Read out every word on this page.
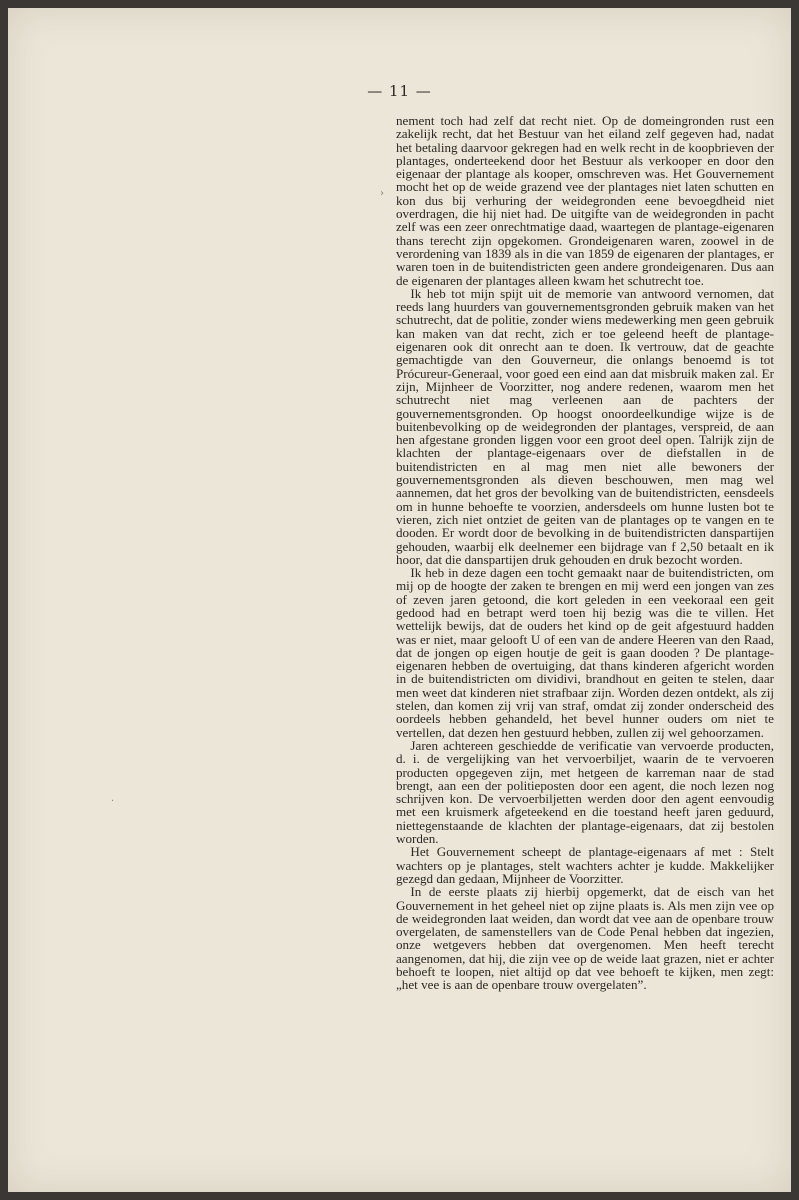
— 11 —
›
·

nement toch had zelf dat recht niet. Op de domeingronden rust een zakelijk recht, dat het Bestuur van het eiland zelf gegeven had, nadat het betaling daarvoor gekregen had en welk recht in de koopbrieven der plantages, onderteekend door het Bestuur als verkooper en door den eigenaar der plantage als kooper, omschreven was. Het Gouvernement mocht het op de weide grazend vee der plantages niet laten schutten en kon dus bij verhuring der weidegronden eene bevoegdheid niet overdragen, die hij niet had. De uitgifte van de weidegronden in pacht zelf was een zeer onrechtmatige daad, waartegen de plantage-eigenaren thans terecht zijn opgekomen. Grondeigenaren waren, zoowel in de verordening van 1839 als in die van 1859 de eigenaren der plantages, er waren toen in de buitendistricten geen andere grondeigenaren. Dus aan de eigenaren der plantages alleen kwam het schutrecht toe.

Ik heb tot mijn spijt uit de memorie van antwoord vernomen, dat reeds lang huurders van gouvernementsgronden gebruik maken van het schutrecht, dat de politie, zonder wiens medewerking men geen gebruik kan maken van dat recht, zich er toe geleend heeft de plantage-eigenaren ook dit onrecht aan te doen. Ik vertrouw, dat de geachte gemachtigde van den Gouverneur, die onlangs benoemd is tot Prócureur-Generaal, voor goed een eind aan dat misbruik maken zal. Er zijn, Mijnheer de Voorzitter, nog andere redenen, waarom men het schutrecht niet mag verleenen aan de pachters der gouvernementsgronden. Op hoogst onoordeelkundige wijze is de buitenbevolking op de weidegronden der plantages, verspreid, de aan hen afgestane gronden liggen voor een groot deel open. Talrijk zijn de klachten der plantage-eigenaars over de diefstallen in de buitendistricten en al mag men niet alle bewoners der gouvernementsgronden als dieven beschouwen, men mag wel aannemen, dat het gros der bevolking van de buitendistricten, eensdeels om in hunne behoefte te voorzien, andersdeels om hunne lusten bot te vieren, zich niet ontziet de geiten van de plantages op te vangen en te dooden. Er wordt door de bevolking in de buitendistricten danspartijen gehouden, waarbij elk deelnemer een bijdrage van f 2,50 betaalt en ik hoor, dat die danspartijen druk gehouden en druk bezocht worden.

Ik heb in deze dagen een tocht gemaakt naar de buitendistricten, om mij op de hoogte der zaken te brengen en mij werd een jongen van zes of zeven jaren getoond, die kort geleden in een veekoraal een geit gedood had en betrapt werd toen hij bezig was die te villen. Het wettelijk bewijs, dat de ouders het kind op de geit afgestuurd hadden was er niet, maar gelooft U of een van de andere Heeren van den Raad, dat de jongen op eigen houtje de geit is gaan dooden ? De plantage-eigenaren hebben de overtuiging, dat thans kinderen afgericht worden in de buitendistricten om dividivi, brandhout en geiten te stelen, daar men weet dat kinderen niet strafbaar zijn. Worden dezen ontdekt, als zij stelen, dan komen zij vrij van straf, omdat zij zonder onderscheid des oordeels hebben gehandeld, het bevel hunner ouders om niet te vertellen, dat dezen hen gestuurd hebben, zullen zij wel gehoorzamen.

Jaren achtereen geschiedde de verificatie van vervoerde producten, d. i. de vergelijking van het vervoerbiljet, waarin de te vervoeren producten opgegeven zijn, met hetgeen de karreman naar de stad brengt, aan een der politieposten door een agent, die noch lezen nog schrijven kon. De vervoerbiljetten werden door den agent eenvoudig met een kruismerk afgeteekend en die toestand heeft jaren geduurd, niettegenstaande de klachten der plantage-eigenaars, dat zij bestolen worden.

Het Gouvernement scheept de plantage-eigenaars af met : Stelt wachters op je plantages, stelt wachters achter je kudde. Makkelijker gezegd dan gedaan, Mijnheer de Voorzitter.

In de eerste plaats zij hierbij opgemerkt, dat de eisch van het Gouvernement in het geheel niet op zijne plaats is. Als men zijn vee op de weidegronden laat weiden, dan wordt dat vee aan de openbare trouw overgelaten, de samenstellers van de Code Penal hebben dat ingezien, onze wetgevers hebben dat overgenomen. Men heeft terecht aangenomen, dat hij, die zijn vee op de weide laat grazen, niet er achter behoeft te loopen, niet altijd op dat vee behoeft te kijken, men zegt: „het vee is aan de openbare trouw overgelaten”.
